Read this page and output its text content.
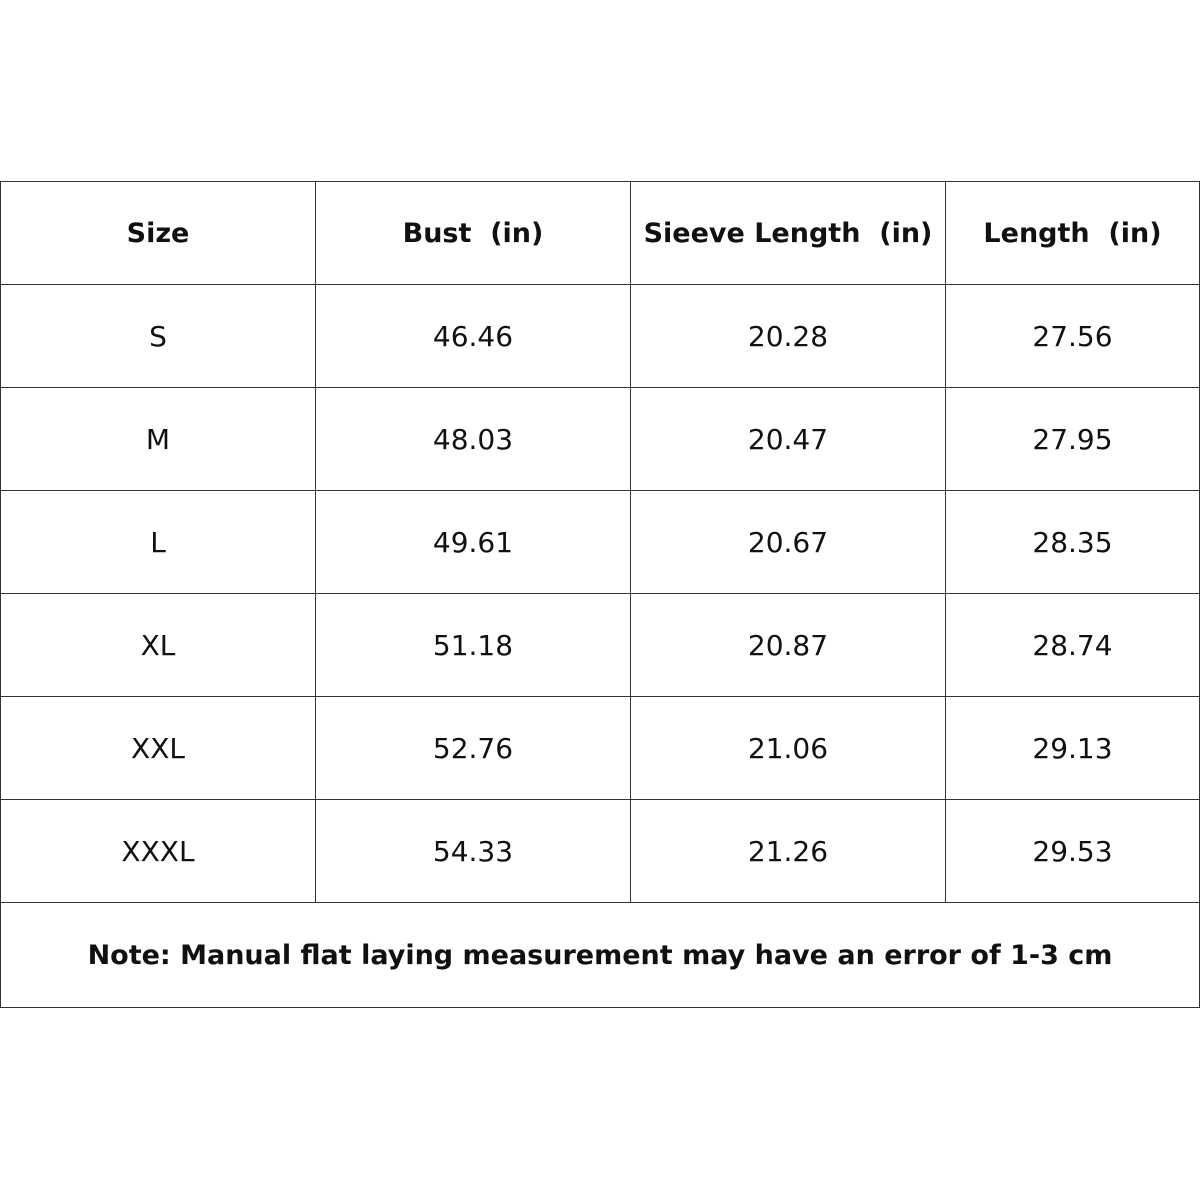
Size	Bust  (in)	Sieeve Length  (in)	Length  (in)
S	46.46	20.28	27.56
M	48.03	20.47	27.95
L	49.61	20.67	28.35
XL	51.18	20.87	28.74
XXL	52.76	21.06	29.13
XXXL	54.33	21.26	29.53
Note: Manual flat laying measurement may have an error of 1-3 cm			
